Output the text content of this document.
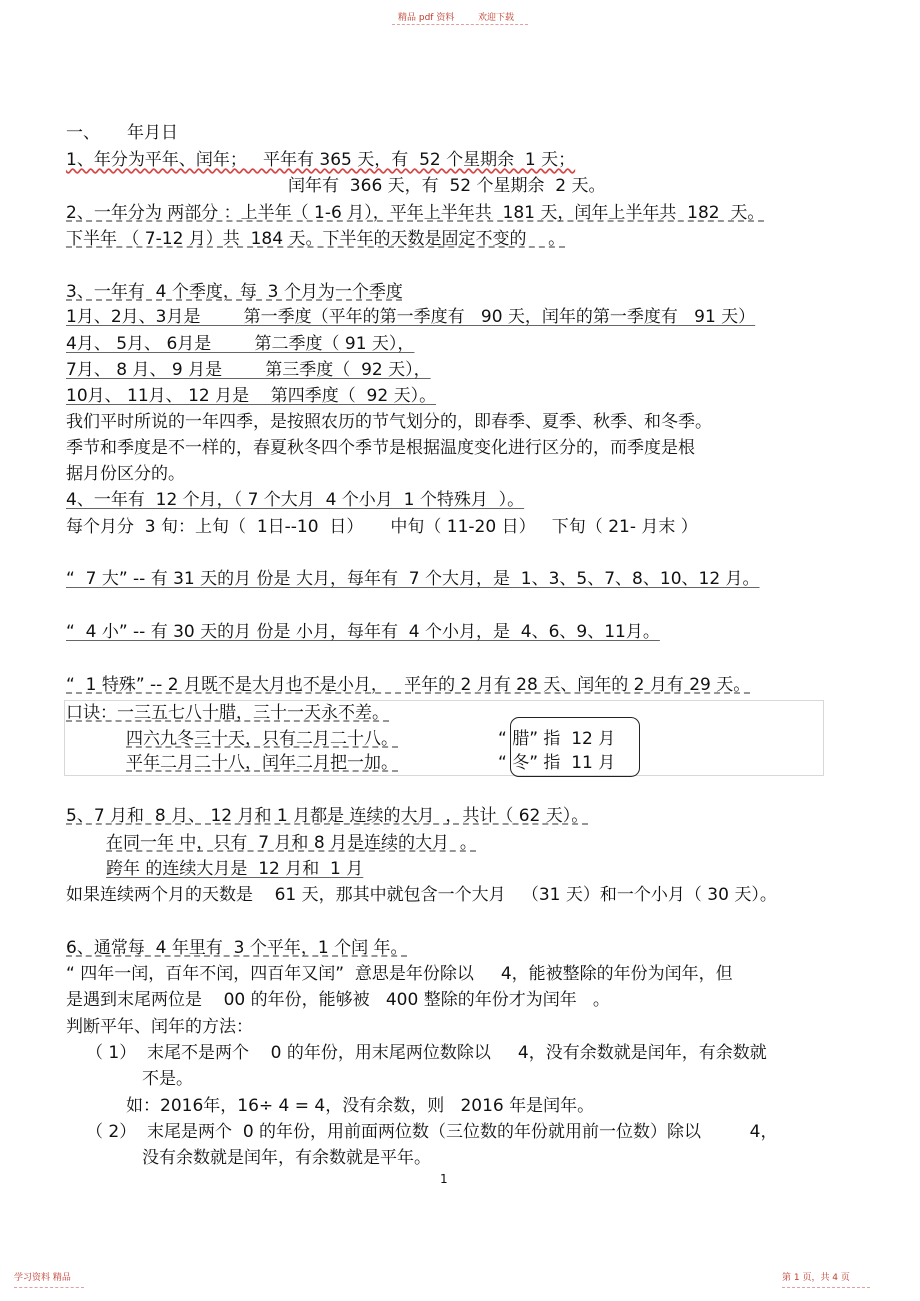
精品 pdf 资料	欢迎下载
一、     年月日
1、年分为平年、闰年；   平年有 365 天，有  52 个星期余  1 天；
闰年有  366 天，有  52 个星期余  2 天。
2、一年分为 两部分 ：上半年（ 1-6 月），平年上半年共  181 天，闰年上半年共  182  天。
下半年 （ 7-12 月）共  184 天。下半年的天数是固定不变的    。
3、一年有  4 个季度，每  3 个月为一个季度
1月、2月、3月是        第一季度（平年的第一季度有   90 天，闰年的第一季度有   91 天）
4月、 5月、 6月是        第二季度（ 91 天），
7月、 8 月、 9 月是        第三季度（  92 天），
10月、 11月、 12 月是    第四季度（  92 天）。
我们平时所说的一年四季，是按照农历的节气划分的，即春季、夏季、秋季、和冬季。
季节和季度是不一样的，春夏秋冬四个季节是根据温度变化进行区分的，而季度是根
据月份区分的。
4、一年有  12 个月，（ 7 个大月  4 个小月  1 个特殊月  ）。
每个月分  3 旬：上旬（  1日--10  日）     中旬（ 11-20 日）   下旬（ 21- 月末 ）
“  7 大” -- 有 31 天的月 份是 大月，每年有  7 个大月，是  1、3、5、7、8、10、12 月。
“  4 小” -- 有 30 天的月 份是 小月，每年有  4 个小月，是  4、6、9、11月。
“  1 特殊” -- 2 月既不是大月也不是小月，   平年的 2 月有 28 天、闰年的 2 月有 29 天。
口诀：一三五七八十腊，三十一天永不差。
四六九冬三十天，只有二月二十八。
平年二月二十八，闰年二月把一加。
“ 腊” 指  12 月
“ 冬” 指  11 月
5、7 月和  8 月、 12 月和 1 月都是 连续的大月  ，共计（ 62 天）。
在同一年 中，只有  7 月和 8 月是连续的大月  。
跨年 的连续大月是  12 月和  1 月
如果连续两个月的天数是    61 天，那其中就包含一个大月   （31 天）和一个小月（ 30 天）。
6、通常每  4 年里有  3 个平年，1 个闰 年。
“ 四年一闰，百年不闰，四百年又闰”  意思是年份除以     4，能被整除的年份为闰年，但
是遇到末尾两位是    00 的年份，能够被   400 整除的年份才为闰年   。
判断平年、闰年的方法：
（ 1）  末尾不是两个    0 的年份，用末尾两位数除以     4，没有余数就是闰年，有余数就
不是。
如：2016年，16÷ 4 = 4，没有余数，则   2016 年是闰年。
（ 2）  末尾是两个  0 的年份，用前面两位数（三位数的年份就用前一位数）除以         4，
没有余数就是闰年，有余数就是平年。
1
学习资料 精品	第 1 页，共 4 页
